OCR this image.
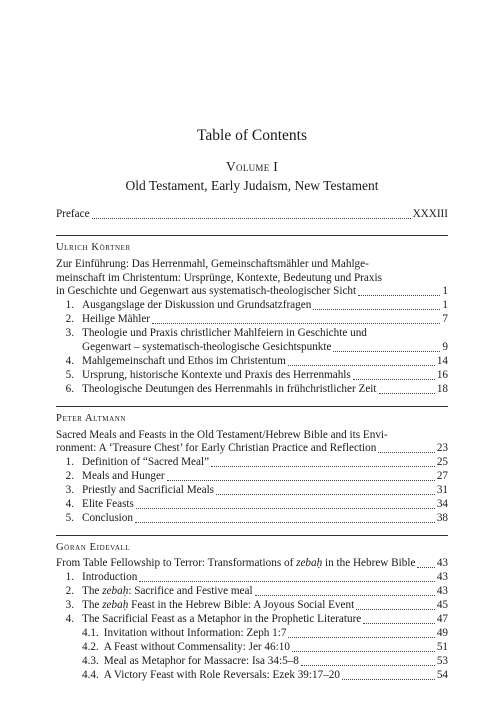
Table of Contents
Volume I
Old Testament, Early Judaism, New Testament
Preface	XXXIII
Ulrich Körtner
Zur Einführung: Das Herrenmahl, Gemeinschaftsmähler und Mahlge-
meinschaft im Christentum: Ursprünge, Kontexte, Bedeutung und Praxis
in Geschichte und Gegenwart aus systematisch-theologischer Sicht	1
1. Ausgangslage der Diskussion und Grundsatzfragen	1
2. Heilige Mähler	7
3. Theologie und Praxis christlicher Mahlfeiern in Geschichte und
Gegenwart – systematisch-theologische Gesichtspunkte	9
4. Mahlgemeinschaft und Ethos im Christentum	14
5. Ursprung, historische Kontexte und Praxis des Herrenmahls	16
6. Theologische Deutungen des Herrenmahls in frühchristlicher Zeit	18
Peter Altmann
Sacred Meals and Feasts in the Old Testament/Hebrew Bible and its Envi-
ronment: A ‘Treasure Chest’ for Early Christian Practice and Reflection	23
1. Definition of “Sacred Meal”	25
2. Meals and Hunger	27
3. Priestly and Sacrificial Meals	31
4. Elite Feasts	34
5. Conclusion	38
Göran Eidevall
From Table Fellowship to Terror: Transformations of zebaḥ in the Hebrew Bible 43
1. Introduction	43
2. The zebaḥ: Sacrifice and Festive meal	43
3. The zebaḥ Feast in the Hebrew Bible: A Joyous Social Event	45
4. The Sacrificial Feast as a Metaphor in the Prophetic Literature	47
4.1. Invitation without Information: Zeph 1:7	49
4.2. A Feast without Commensality: Jer 46:10	51
4.3. Meal as Metaphor for Massacre: Isa 34:5–8	53
4.4. A Victory Feast with Role Reversals: Ezek 39:17–20	54
